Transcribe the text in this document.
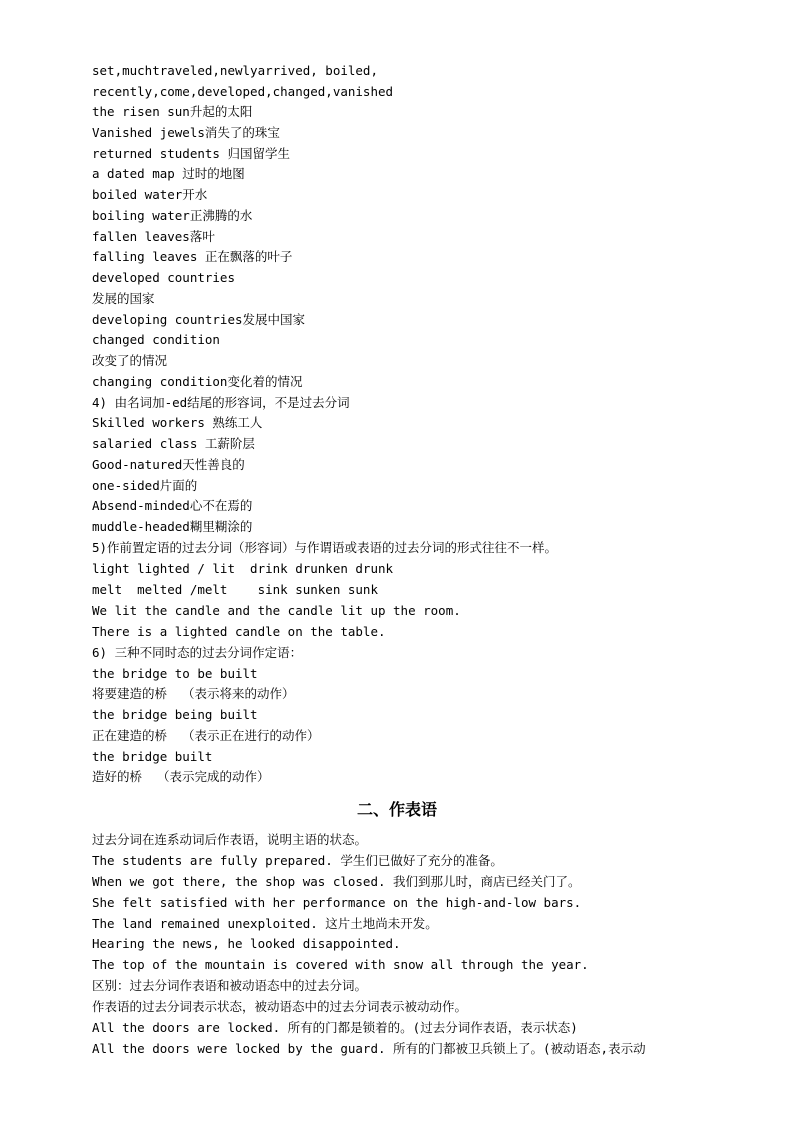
set,muchtraveled,newlyarrived, boiled,
recently,come,developed,changed,vanished
the risen sun升起的太阳
Vanished jewels消失了的珠宝
returned students 归国留学生
a dated map 过时的地图
boiled water开水
boiling water正沸腾的水
fallen leaves落叶
falling leaves 正在飘落的叶子
developed countries
发展的国家
developing countries发展中国家
changed condition
改变了的情况
changing condition变化着的情况
4) 由名词加-ed结尾的形容词，不是过去分词
Skilled workers 熟练工人
salaried class 工薪阶层
Good-natured天性善良的
one-sided片面的
Absend-minded心不在焉的
muddle-headed糊里糊涂的
5)作前置定语的过去分词（形容词）与作谓语或表语的过去分词的形式往往不一样。
light lighted / lit  drink drunken drunk
melt  melted /melt    sink sunken sunk
We lit the candle and the candle lit up the room.
There is a lighted candle on the table.
6) 三种不同时态的过去分词作定语：
the bridge to be built
将要建造的桥  （表示将来的动作）
the bridge being built
正在建造的桥  （表示正在进行的动作）
the bridge built
造好的桥  （表示完成的动作）
二、作表语
过去分词在连系动词后作表语，说明主语的状态。
The students are fully prepared. 学生们已做好了充分的准备。
When we got there, the shop was closed. 我们到那儿时，商店已经关门了。
She felt satisfied with her performance on the high-and-low bars.
The land remained unexploited. 这片土地尚未开发。
Hearing the news, he looked disappointed.
The top of the mountain is covered with snow all through the year.
区别：过去分词作表语和被动语态中的过去分词。
作表语的过去分词表示状态，被动语态中的过去分词表示被动动作。
All the doors are locked. 所有的门都是锁着的。(过去分词作表语，表示状态)
All the doors were locked by the guard. 所有的门都被卫兵锁上了。(被动语态,表示动
